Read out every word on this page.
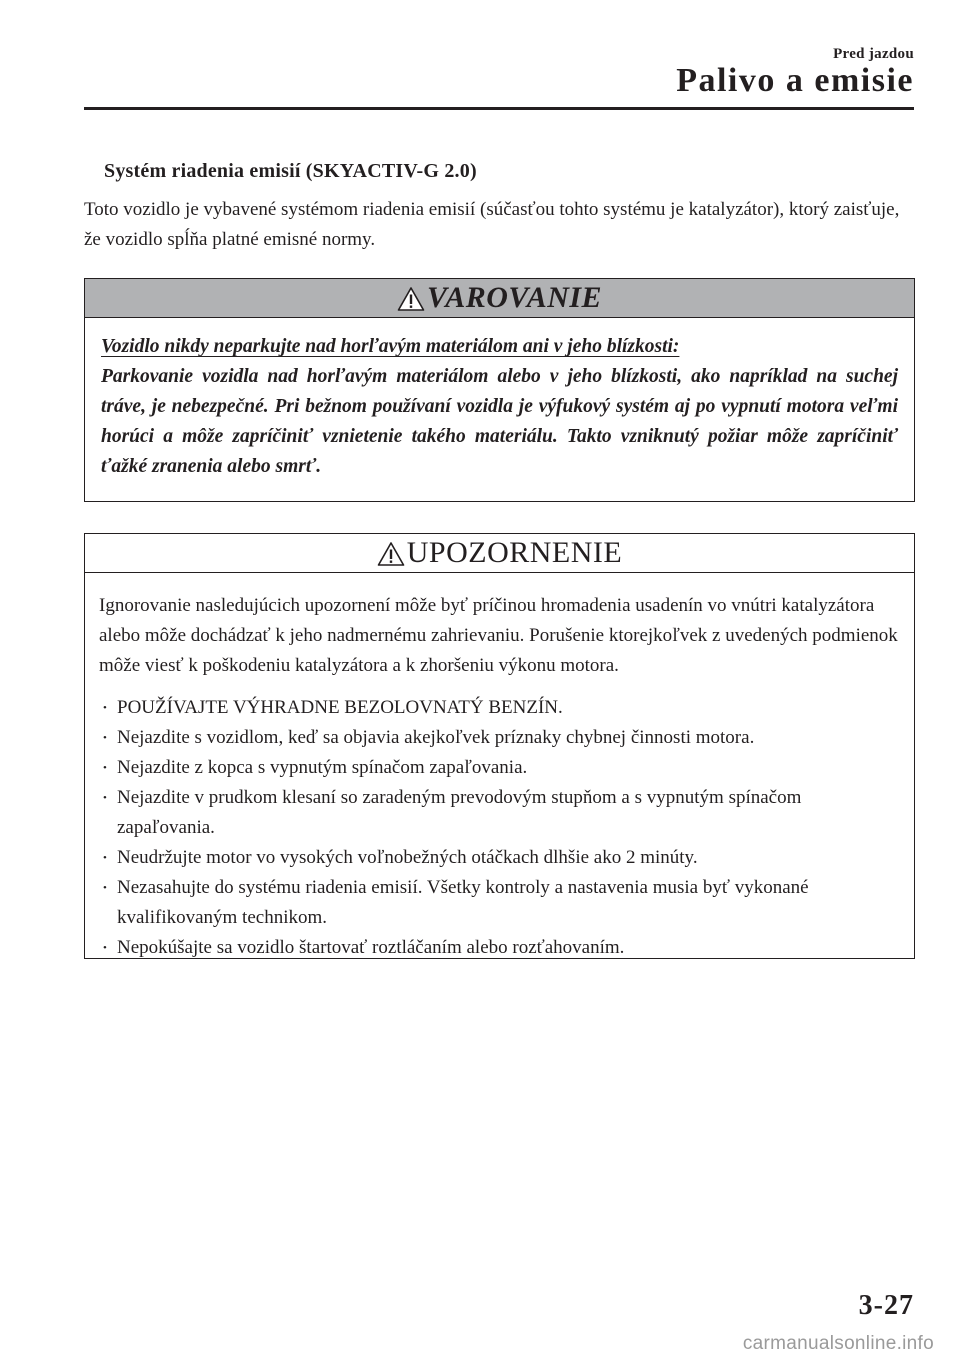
Pred jazdou
Palivo a emisie
Systém riadenia emisií (SKYACTIV-G 2.0)

Toto vozidlo je vybavené systémom riadenia emisií (súčasťou tohto systému je katalyzátor), ktorý zaisťuje, že vozidlo spĺňa platné emisné normy.

VAROVANIE
Vozidlo nikdy neparkujte nad horľavým materiálom ani v jeho blízkosti:
Parkovanie vozidla nad horľavým materiálom alebo v jeho blízkosti, ako napríklad na suchej tráve, je nebezpečné. Pri bežnom používaní vozidla je výfukový systém aj po vypnutí motora veľmi horúci a môže zapríčiniť vznietenie takého materiálu. Takto vzniknutý požiar môže zapríčiniť ťažké zranenia alebo smrť.
UPOZORNENIE

Ignorovanie nasledujúcich upozornení môže byť príčinou hromadenia usadenín vo vnútri katalyzátora alebo môže dochádzať k jeho nadmernému zahrievaniu. Porušenie ktorejkoľvek z uvedených podmienok môže viesť k poškodeniu katalyzátora a k zhoršeniu výkonu motora.

• POUŽÍVAJTE VÝHRADNE BEZOLOVNATÝ BENZÍN.
• Nejazdite s vozidlom, keď sa objavia akejkoľvek príznaky chybnej činnosti motora.
• Nejazdite z kopca s vypnutým spínačom zapaľovania.
• Nejazdite v prudkom klesaní so zaradeným prevodovým stupňom a s vypnutým spínačom zapaľovania.
• Neudržujte motor vo vysokých voľnobežných otáčkach dlhšie ako 2 minúty.
• Nezasahujte do systému riadenia emisií. Všetky kontroly a nastavenia musia byť vykonané kvalifikovaným technikom.
• Nepokúšajte sa vozidlo štartovať roztláčaním alebo rozťahovaním.
3-27
carmanualsonline.info
